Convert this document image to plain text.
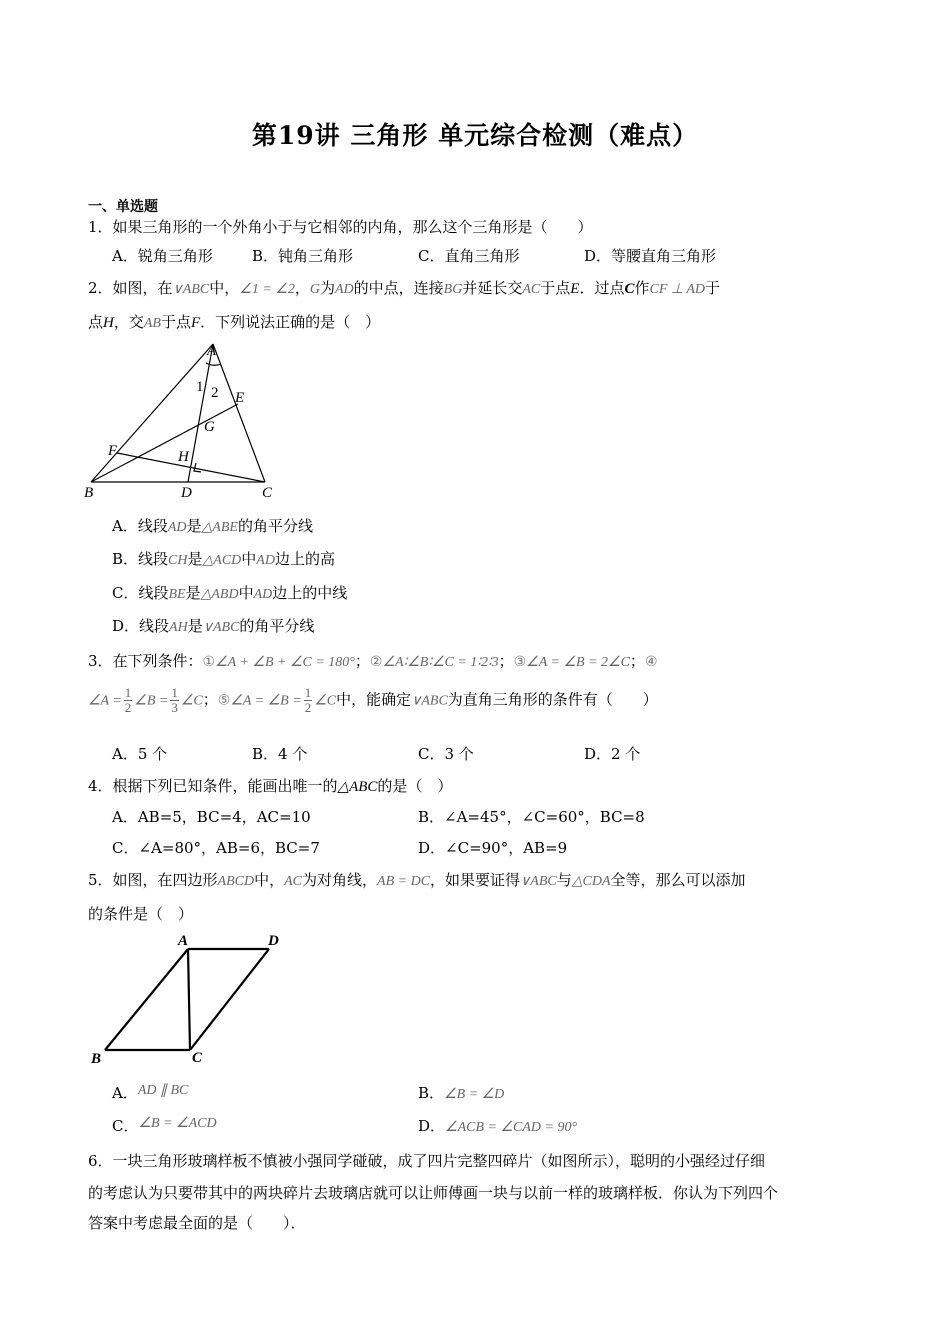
第19讲 三角形 单元综合检测（难点）
一、单选题
1．如果三角形的一个外角小于与它相邻的内角，那么这个三角形是（　　）
A．锐角三角形	B．钝角三角形	C．直角三角形	D．等腰直角三角形
2．如图，在∨ABC中，∠1 = ∠2，G为AD的中点，连接BG并延长交AC于点E．过点C作CF ⊥ AD于
点H，交AB于点F．下列说法正确的是（　）
A
B	C
D
E
F
G
H
1 2
A．线段AD是△ABE的角平分线
B．线段CH是△ACD中AD边上的高
C．线段BE是△ABD中AD边上的中线
D．线段AH是∨ABC的角平分线
3．在下列条件：①∠A + ∠B + ∠C = 180°；②∠A∶∠B∶∠C = 1∶2∶3；③∠A = ∠B = 2∠C；④
∠A = $\frac{1}{2}$ ∠B = $\frac{1}{3}$ ∠C；⑤∠A = ∠B = $\frac{1}{2}$ ∠C中，能确定∨ABC为直角三角形的条件有（　　）
A．5 个	B．4 个	C．3 个	D．2 个
4．根据下列已知条件，能画出唯一的△ABC的是（　）
A．AB=5，BC=4，AC=10	B．∠A=45°，∠C=60°，BC=8
C．∠A=80°，AB=6，BC=7	D．∠C=90°，AB=9
5．如图，在四边形ABCD中，AC为对角线，AB = DC，如果要证得∨ABC与△CDA全等，那么可以添加
的条件是（　）
A	D
B	C
A．AD ∥ BC	B．∠B = ∠D
C．∠B = ∠ACD	D．∠ACB = ∠CAD = 90°
6．一块三角形玻璃样板不慎被小强同学碰破，成了四片完整四碎片（如图所示），聪明的小强经过仔细
的考虑认为只要带其中的两块碎片去玻璃店就可以让师傅画一块与以前一样的玻璃样板．你认为下列四个
答案中考虑最全面的是（　　）．
